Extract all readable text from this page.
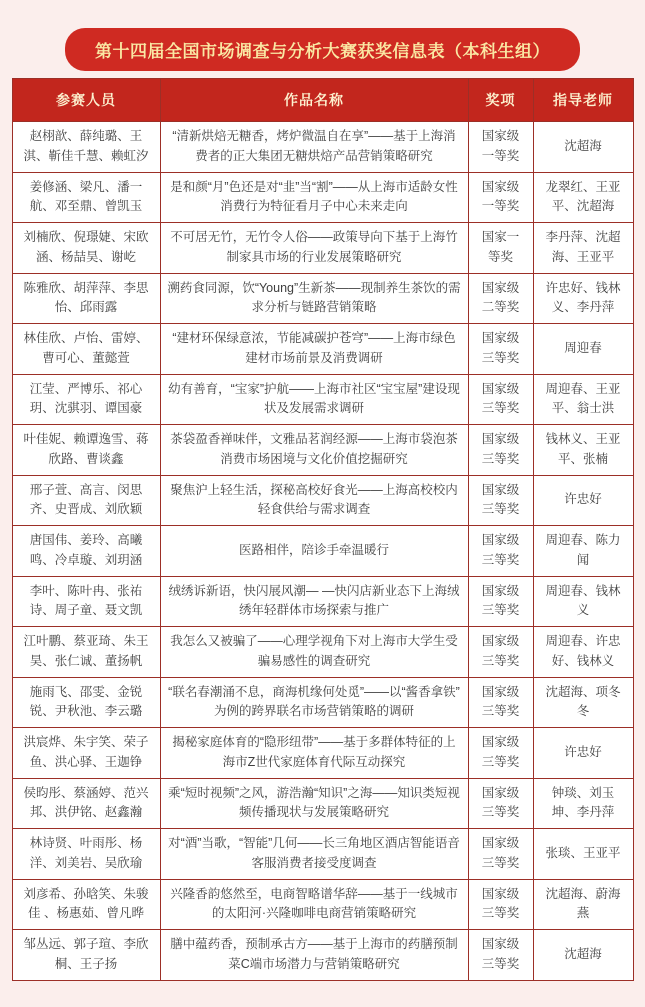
第十四届全国市场调查与分析大赛获奖信息表（本科生组）
参赛人员	作品名称	奖项	指导老师
赵栩歆、薛纯璐、王淇、靳佳千慧、赖虹汐	“清新烘焙无糖香，烤炉微温自在享”——基于上海消费者的正大集团无糖烘焙产品营销策略研究	国家级一等奖	沈超海
姜修涵、梁凡、潘一航、邓至鼎、曾凯玉	是和颜“月”色还是对“韭”当“割”——从上海市适龄女性消费行为特征看月子中心未来走向	国家级一等奖	龙翠红、王亚平、沈超海
刘楠欣、倪璟婕、宋欧涵、杨喆昊、谢屹	不可居无竹，无竹令人俗——政策导向下基于上海竹制家具市场的行业发展策略研究	国家一等奖	李丹萍、沈超海、王亚平
陈雅欣、胡萍萍、李思怡、邱雨露	溯药食同源，饮“Young”生新茶——现制养生茶饮的需求分析与链路营销策略	国家级二等奖	许忠好、钱林义、李丹萍
林佳欣、卢怡、雷婷、曹可心、董懿萱	“建材环保绿意浓，节能减碳护苍穹”——上海市绿色建材市场前景及消费调研	国家级三等奖	周迎春
江莹、严博乐、祁心玥、沈骐羽、谭国豪	幼有善育，“宝家”护航——上海市社区“宝宝屋”建设现状及发展需求调研	国家级三等奖	周迎春、王亚平、翁士洪
叶佳妮、赖谭逸雪、蒋欣路、曹谈鑫	茶袋盈香禅味伴，文雅品茗润经源——上海市袋泡茶消费市场困境与文化价值挖掘研究	国家级三等奖	钱林义、王亚平、张楠
邢子萱、高言、闵思齐、史晋成、刘欣颖	聚焦沪上轻生活，探秘高校好食光——上海高校校内轻食供给与需求调查	国家级三等奖	许忠好
唐国伟、姜玲、高曦鸣、冷卓璇、刘玥涵	医路相伴，陪诊手牵温暖行	国家级三等奖	周迎春、陈力闻
李叶、陈叶冉、张祐诗、周子童、聂文凯	绒绣诉新语，快闪展风潮— —快闪店新业态下上海绒绣年轻群体市场探索与推广	国家级三等奖	周迎春、钱林义
江叶鹏、蔡亚琦、朱王昊、张仁诚、董扬帆	我怎么又被骗了——心理学视角下对上海市大学生受骗易感性的调查研究	国家级三等奖	周迎春、许忠好、钱林义
施雨飞、邵雯、金锐锐、尹秋池、李云璐	“联名春潮涌不息，商海机缘何处觅”——以“酱香拿铁”为例的跨界联名市场营销策略的调研	国家级三等奖	沈超海、项冬冬
洪宸烨、朱宇笑、荣子鱼、洪心驿、王迦铮	揭秘家庭体育的“隐形纽带”——基于多群体特征的上海市Z世代家庭体育代际互动探究	国家级三等奖	许忠好
侯昀彤、蔡涵婷、范兴邦、洪伊铭、赵鑫瀚	乘“短时视频”之风，游浩瀚“知识”之海——知识类短视频传播现状与发展策略研究	国家级三等奖	钟琰、刘玉坤、李丹萍
林诗贤、叶雨彤、杨洋、刘美岩、吴欣瑜	对“酒”当歌，“智能”几何——长三角地区酒店智能语音客服消费者接受度调查	国家级三等奖	张琰、王亚平
刘彦希、孙晗笑、朱骏佳 、杨惠茹、曾凡晔	兴隆香韵悠然至，电商智略谱华辞——基于一线城市的太阳河·兴隆咖啡电商营销策略研究	国家级三等奖	沈超海、蔚海燕
邹丛远、郭子瑄、李欣桐、王子扬	膳中蕴药香，预制承古方——基于上海市的药膳预制菜C端市场潜力与营销策略研究	国家级三等奖	沈超海
